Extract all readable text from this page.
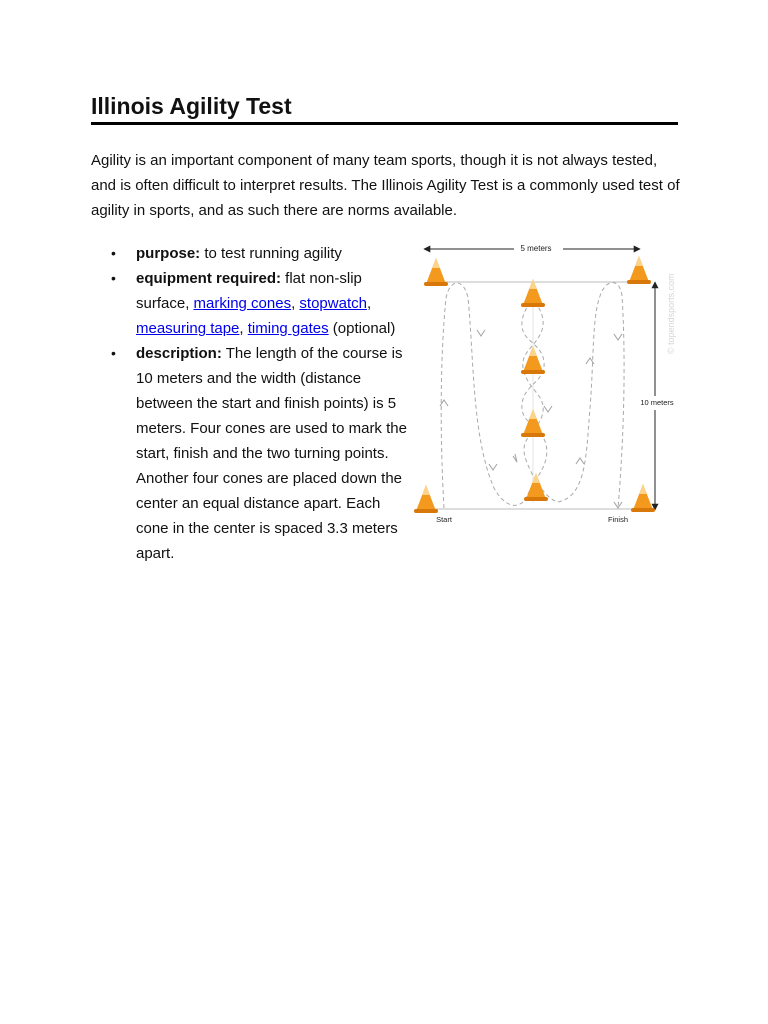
Illinois Agility Test

Agility is an important component of many team sports, though it is not always tested, and is often difficult to interpret results. The Illinois Agility Test is a commonly used test of agility in sports, and as such there are norms available.

• purpose: to test running agility
• equipment required: flat non-slip surface, marking cones, stopwatch, measuring tape, timing gates (optional)
• description: The length of the course is 10 meters and the width (distance between the start and finish points) is 5 meters. Four cones are used to mark the start, finish and the two turning points. Another four cones are placed down the center an equal distance apart. Each cone in the center is spaced 3.3 meters apart.
5 meters
10 meters
© topendsports.com
Start	Finish
